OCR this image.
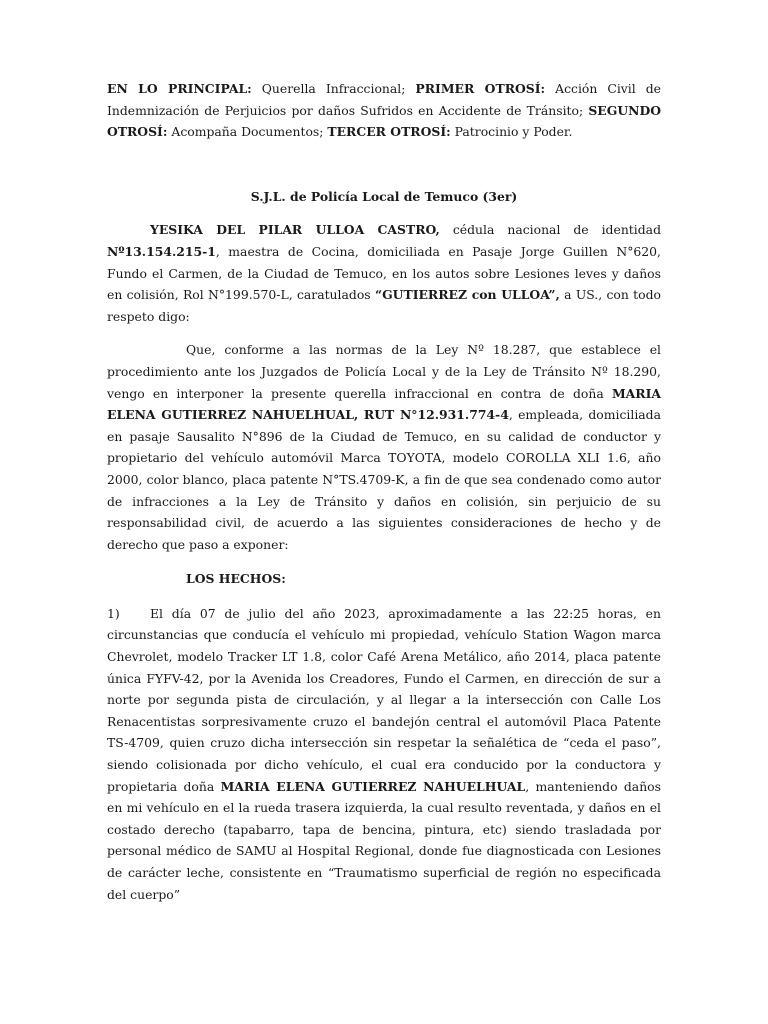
EN LO PRINCIPAL: Querella Infraccional; PRIMER OTROSÍ: Acción Civil de Indemnización de Perjuicios por daños Sufridos en Accidente de Tránsito; SEGUNDO OTROSÍ: Acompaña Documentos; TERCER OTROSÍ: Patrocinio y Poder.

S.J.L. de Policía Local de Temuco (3er)

YESIKA DEL PILAR ULLOA CASTRO, cédula nacional de identidad Nº13.154.215-1, maestra de Cocina, domiciliada en Pasaje Jorge Guillen N°620, Fundo el Carmen, de la Ciudad de Temuco, en los autos sobre Lesiones leves y daños en colisión, Rol N°199.570-L, caratulados “GUTIERREZ con ULLOA”, a US., con todo respeto digo:

Que, conforme a las normas de la Ley Nº 18.287, que establece el procedimiento ante los Juzgados de Policía Local y de la Ley de Tránsito Nº 18.290, vengo en interponer la presente querella infraccional en contra de doña MARIA ELENA GUTIERREZ NAHUELHUAL, RUT N°12.931.774-4, empleada, domiciliada en pasaje Sausalito N°896 de la Ciudad de Temuco, en su calidad de conductor y propietario del vehículo automóvil Marca TOYOTA, modelo COROLLA XLI 1.6, año 2000, color blanco, placa patente N°TS.4709-K, a fin de que sea condenado como autor de infracciones a la Ley de Tránsito y daños en colisión, sin perjuicio de su responsabilidad civil, de acuerdo a las siguientes consideraciones de hecho y de derecho que paso a exponer:

LOS HECHOS:

1) El día 07 de julio del año 2023, aproximadamente a las 22:25 horas, en circunstancias que conducía el vehículo mi propiedad, vehículo Station Wagon marca Chevrolet, modelo Tracker LT 1.8, color Café Arena Metálico, año 2014, placa patente única FYFV-42, por la Avenida los Creadores, Fundo el Carmen, en dirección de sur a norte por segunda pista de circulación, y al llegar a la intersección con Calle Los Renacentistas sorpresivamente cruzo el bandejón central el automóvil Placa Patente TS-4709, quien cruzo dicha intersección sin respetar la señalética de “ceda el paso”, siendo colisionada por dicho vehículo, el cual era conducido por la conductora y propietaria doña MARIA ELENA GUTIERREZ NAHUELHUAL, manteniendo daños en mi vehículo en el la rueda trasera izquierda, la cual resulto reventada, y daños en el costado derecho (tapabarro, tapa de bencina, pintura, etc) siendo trasladada por personal médico de SAMU al Hospital Regional, donde fue diagnosticada con Lesiones de carácter leche, consistente en “Traumatismo superficial de región no especificada del cuerpo”
